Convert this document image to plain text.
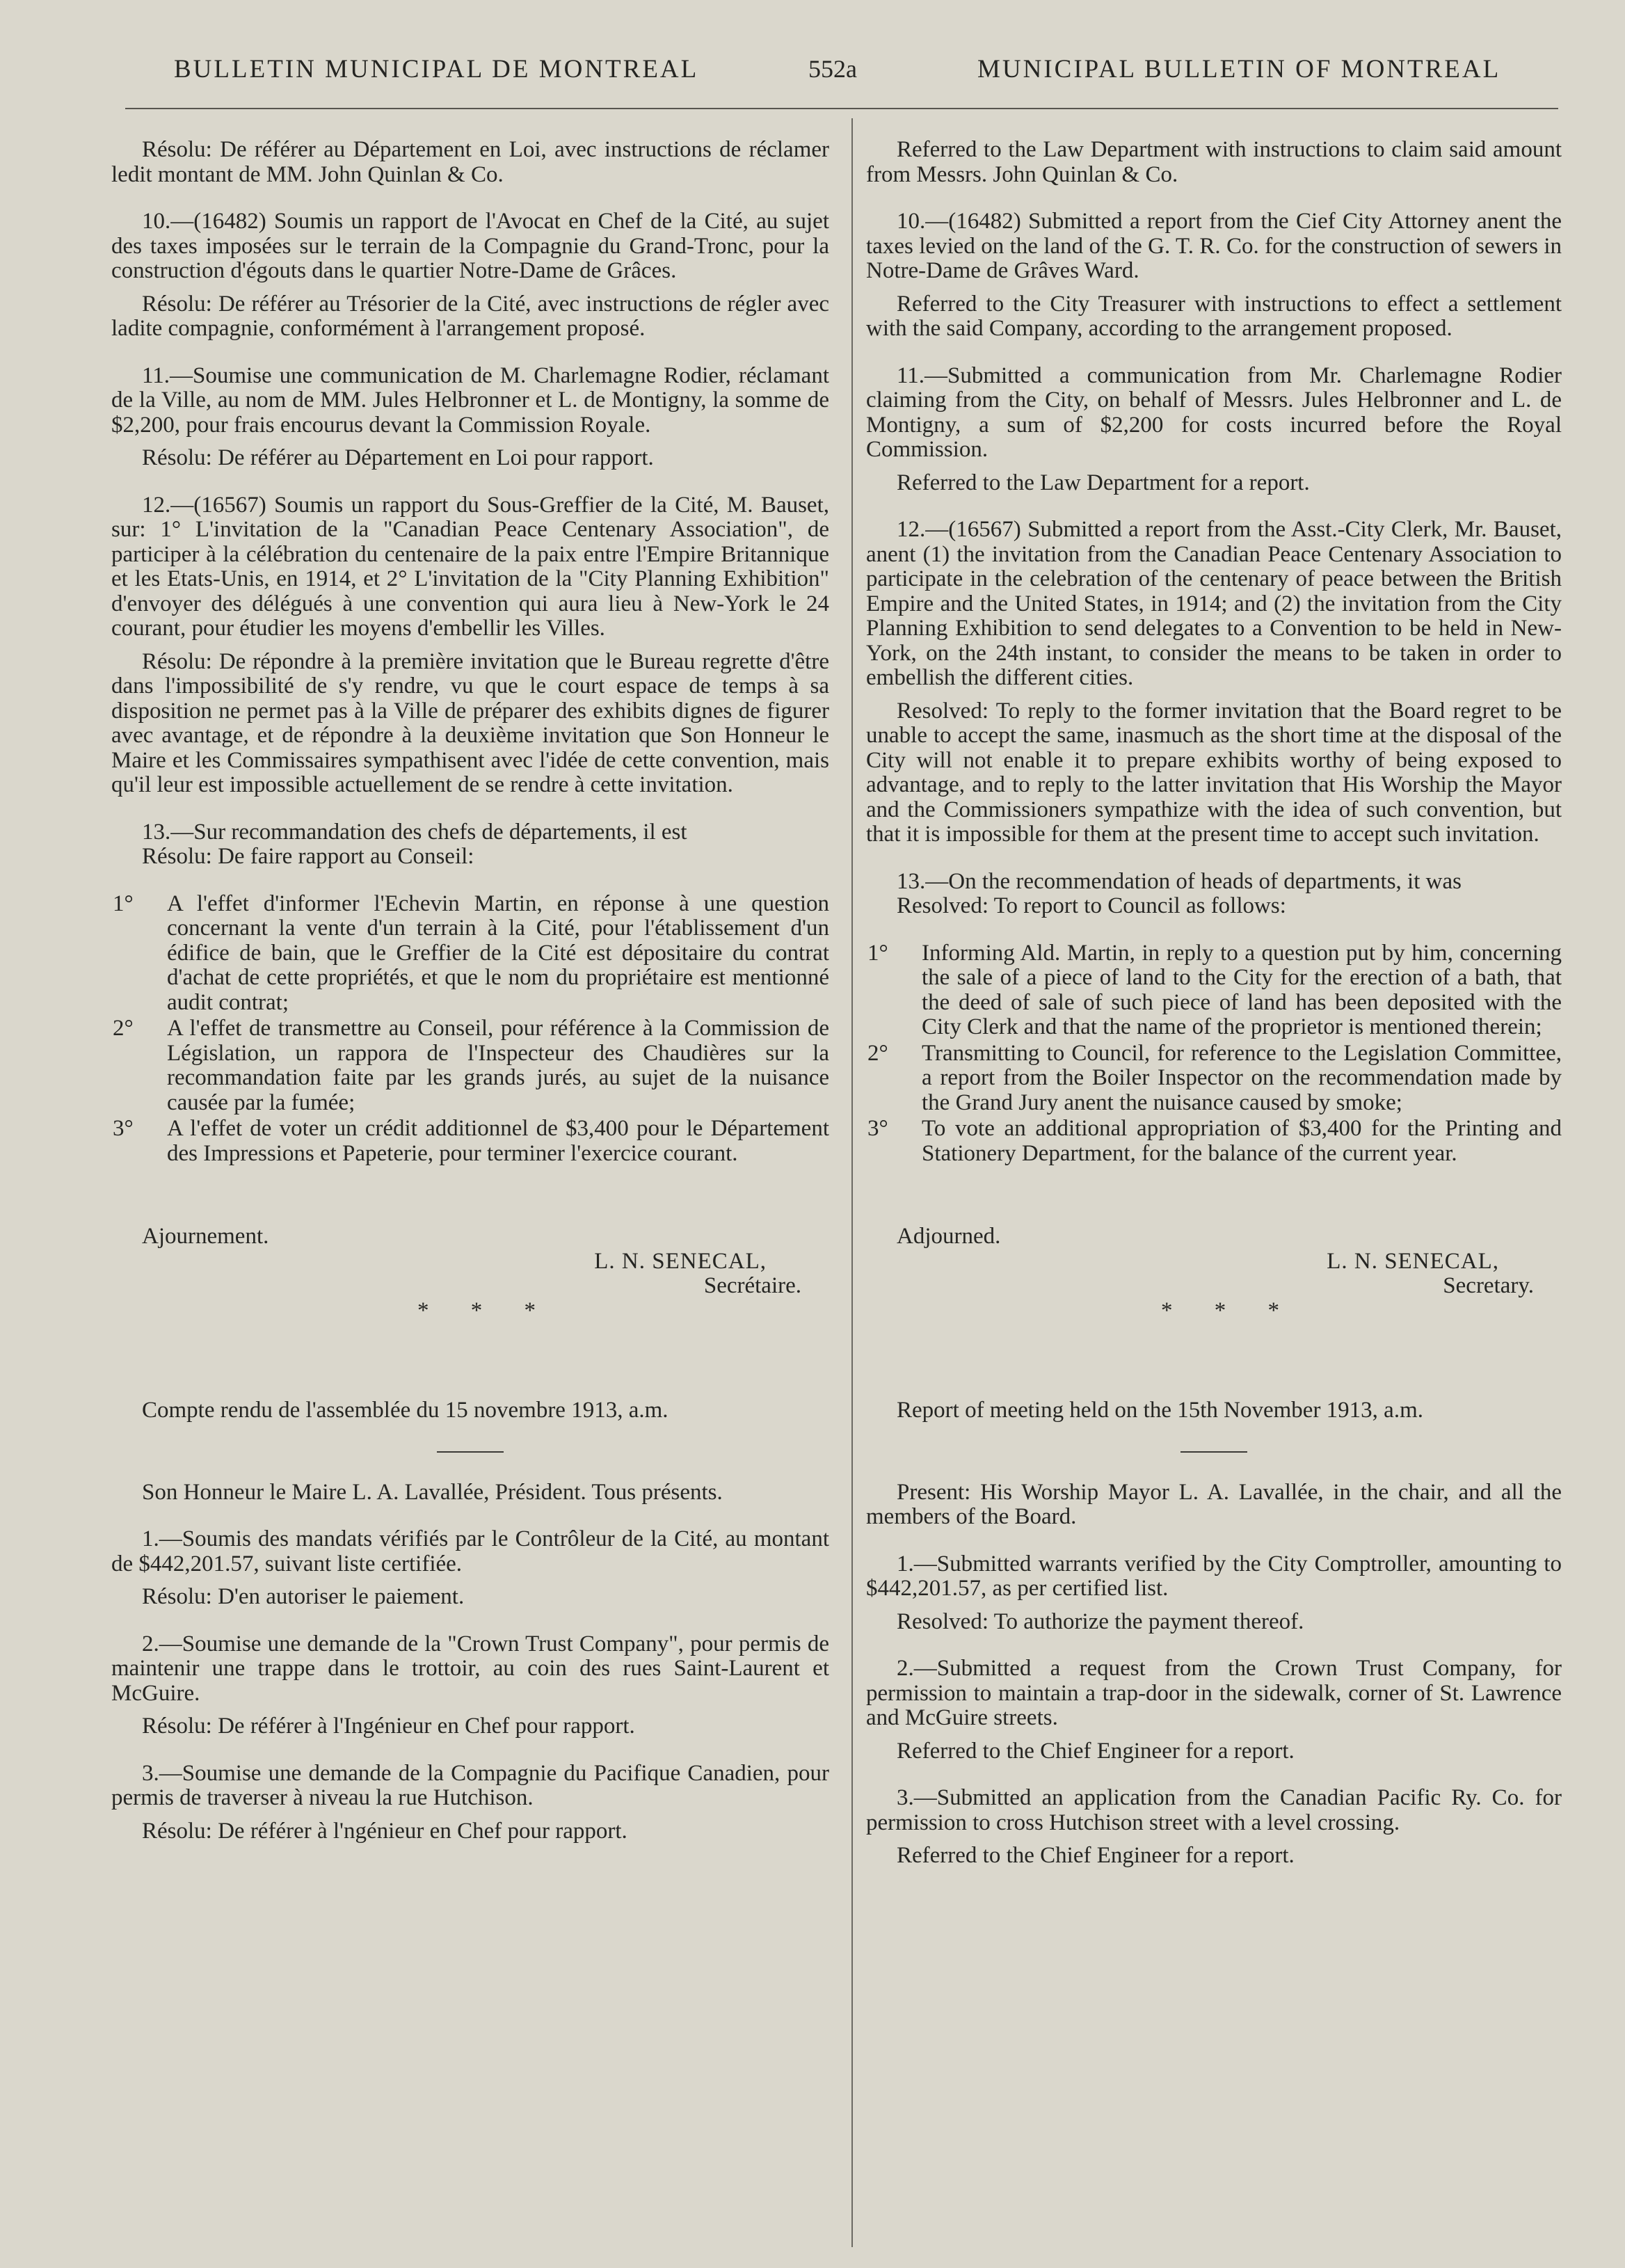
BULLETIN MUNICIPAL DE MONTREAL	552a	MUNICIPAL BULLETIN OF MONTREAL

Résolu: De référer au Département en Loi, avec instructions de réclamer ledit montant de MM. John Quinlan & Co.

10.—(16482) Soumis un rapport de l'Avocat en Chef de la Cité, au sujet des taxes imposées sur le terrain de la Compagnie du Grand-Tronc, pour la construction d'égouts dans le quartier Notre-Dame de Grâces.

Résolu: De référer au Trésorier de la Cité, avec instructions de régler avec ladite compagnie, conformément à l'arrangement proposé.

11.—Soumise une communication de M. Charlemagne Rodier, réclamant de la Ville, au nom de MM. Jules Helbronner et L. de Montigny, la somme de $2,200, pour frais encourus devant la Commission Royale.

Résolu: De référer au Département en Loi pour rapport.

12.—(16567) Soumis un rapport du Sous-Greffier de la Cité, M. Bauset, sur: 1° L'invitation de la "Canadian Peace Centenary Association", de participer à la célébration du centenaire de la paix entre l'Empire Britannique et les Etats-Unis, en 1914, et 2° L'invitation de la "City Planning Exhibition" d'envoyer des délégués à une convention qui aura lieu à New-York le 24 courant, pour étudier les moyens d'embellir les Villes.

Résolu: De répondre à la première invitation que le Bureau regrette d'être dans l'impossibilité de s'y rendre, vu que le court espace de temps à sa disposition ne permet pas à la Ville de préparer des exhibits dignes de figurer avec avantage, et de répondre à la deuxième invitation que Son Honneur le Maire et les Commissaires sympathisent avec l'idée de cette convention, mais qu'il leur est impossible actuellement de se rendre à cette invitation.

13.—Sur recommandation des chefs de départements, il est

Résolu: De faire rapport au Conseil:

1° A l'effet d'informer l'Echevin Martin, en réponse à une question concernant la vente d'un terrain à la Cité, pour l'établissement d'un édifice de bain, que le Greffier de la Cité est dépositaire du contrat d'achat de cette propriétés, et que le nom du propriétaire est mentionné audit contrat;
2° A l'effet de transmettre au Conseil, pour référence à la Commission de Législation, un rappora de l'Inspecteur des Chaudières sur la recommandation faite par les grands jurés, au sujet de la nuisance causée par la fumée;
3° A l'effet de voter un crédit additionnel de $3,400 pour le Département des Impressions et Papeterie, pour terminer l'exercice courant.

Ajournement.

L. N. SENECAL,

Secrétaire.

* * *

Compte rendu de l'assemblée du 15 novembre 1913, a.m.

Son Honneur le Maire L. A. Lavallée, Président. Tous présents.

1.—Soumis des mandats vérifiés par le Contrôleur de la Cité, au montant de $442,201.57, suivant liste certifiée.

Résolu: D'en autoriser le paiement.

2.—Soumise une demande de la "Crown Trust Company", pour permis de maintenir une trappe dans le trottoir, au coin des rues Saint-Laurent et McGuire.

Résolu: De référer à l'Ingénieur en Chef pour rapport.

3.—Soumise une demande de la Compagnie du Pacifique Canadien, pour permis de traverser à niveau la rue Hutchison.

Résolu: De référer à l'ngénieur en Chef pour rapport.

Referred to the Law Department with instructions to claim said amount from Messrs. John Quinlan & Co.

10.—(16482) Submitted a report from the Cief City Attorney anent the taxes levied on the land of the G. T. R. Co. for the construction of sewers in Notre-Dame de Grâves Ward.

Referred to the City Treasurer with instructions to effect a settlement with the said Company, according to the arrangement proposed.

11.—Submitted a communication from Mr. Charlemagne Rodier claiming from the City, on behalf of Messrs. Jules Helbronner and L. de Montigny, a sum of $2,200 for costs incurred before the Royal Commission.

Referred to the Law Department for a report.

12.—(16567) Submitted a report from the Asst.-City Clerk, Mr. Bauset, anent (1) the invitation from the Canadian Peace Centenary Association to participate in the celebration of the centenary of peace between the British Empire and the United States, in 1914; and (2) the invitation from the City Planning Exhibition to send delegates to a Convention to be held in New-York, on the 24th instant, to consider the means to be taken in order to embellish the different cities.

Resolved: To reply to the former invitation that the Board regret to be unable to accept the same, inasmuch as the short time at the disposal of the City will not enable it to prepare exhibits worthy of being exposed to advantage, and to reply to the latter invitation that His Worship the Mayor and the Commissioners sympathize with the idea of such convention, but that it is impossible for them at the present time to accept such invitation.

13.—On the recommendation of heads of departments, it was

Resolved: To report to Council as follows:

1° Informing Ald. Martin, in reply to a question put by him, concerning the sale of a piece of land to the City for the erection of a bath, that the deed of sale of such piece of land has been deposited with the City Clerk and that the name of the proprietor is mentioned therein;
2° Transmitting to Council, for reference to the Legislation Committee, a report from the Boiler Inspector on the recommendation made by the Grand Jury anent the nuisance caused by smoke;
3° To vote an additional appropriation of $3,400 for the Printing and Stationery Department, for the balance of the current year.

Adjourned.

L. N. SENECAL,

Secretary.

* * *

Report of meeting held on the 15th November 1913, a.m.

Present: His Worship Mayor L. A. Lavallée, in the chair, and all the members of the Board.

1.—Submitted warrants verified by the City Comptroller, amounting to $442,201.57, as per certified list.

Resolved: To authorize the payment thereof.

2.—Submitted a request from the Crown Trust Company, for permission to maintain a trap-door in the sidewalk, corner of St. Lawrence and McGuire streets.

Referred to the Chief Engineer for a report.

3.—Submitted an application from the Canadian Pacific Ry. Co. for permission to cross Hutchison street with a level crossing.

Referred to the Chief Engineer for a report.
